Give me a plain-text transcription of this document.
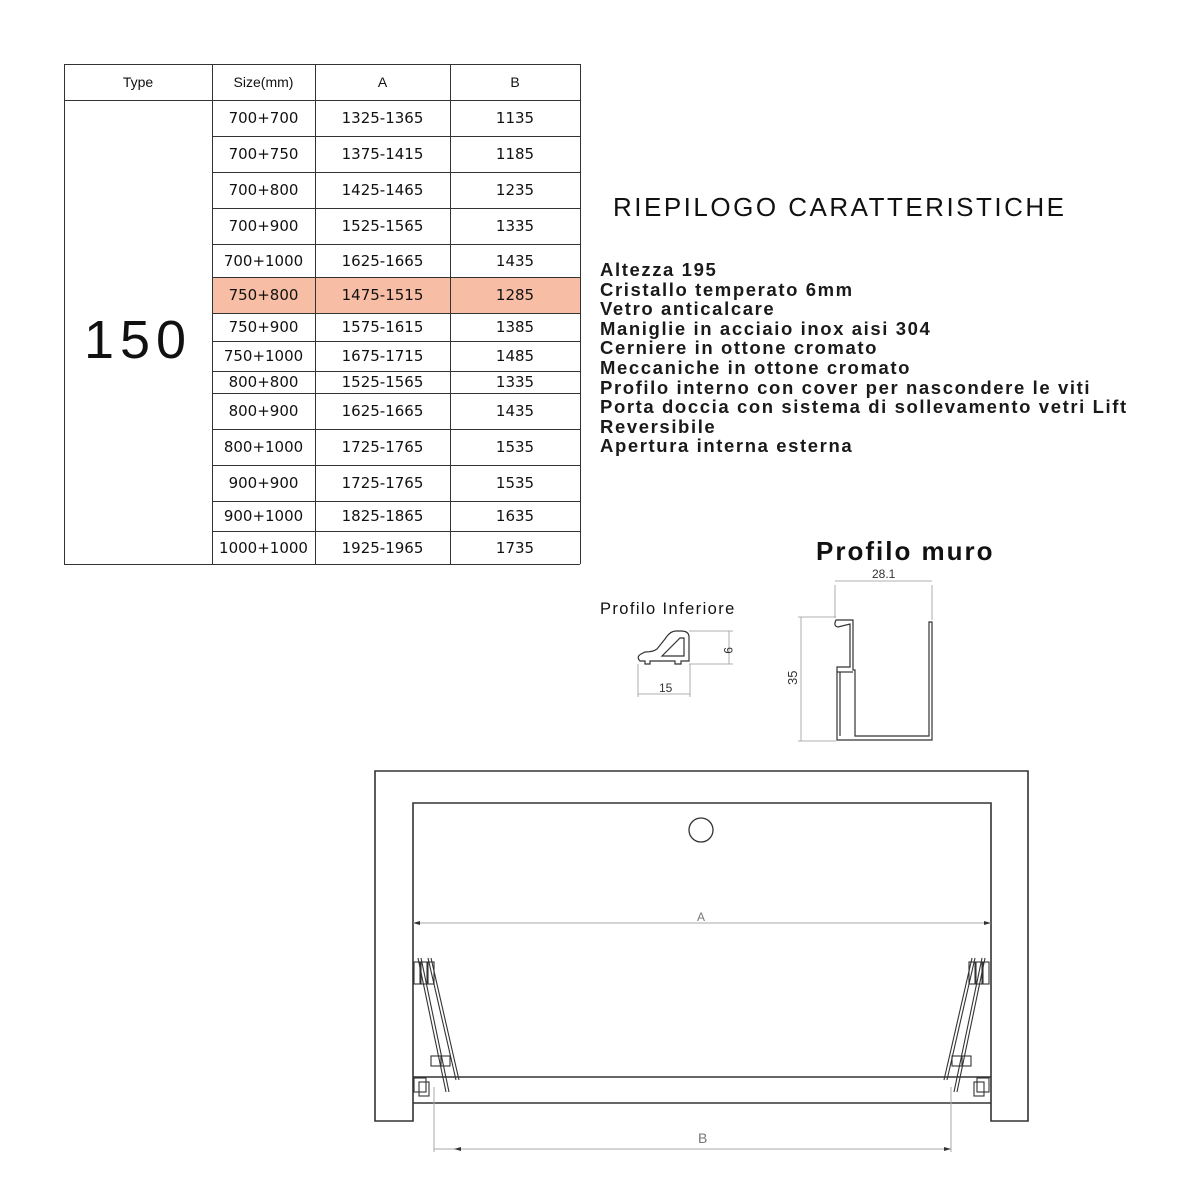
Type	Size(mm)	A	B
700+700	1325-1365	1135
700+750	1375-1415	1185
700+800	1425-1465	1235
700+900	1525-1565	1335
700+1000	1625-1665	1435
750+800	1475-1515	1285
750+900	1575-1615	1385
750+1000	1675-1715	1485
800+800	1525-1565	1335
800+900	1625-1665	1435
800+1000	1725-1765	1535
900+900	1725-1765	1535
900+1000	1825-1865	1635
1000+1000	1925-1965	1735
150
RIEPILOGO CARATTERISTICHE
Altezza 195
Cristallo temperato 6mm
Vetro anticalcare
Maniglie in acciaio inox aisi 304
Cerniere in ottone cromato
Meccaniche in ottone cromato
Profilo interno con cover per nascondere le viti
Porta doccia con sistema di sollevamento vetri Lift
Reversibile
Apertura interna esterna
Profilo Inferiore
Profilo muro
9
15
28.1
35
A
B
